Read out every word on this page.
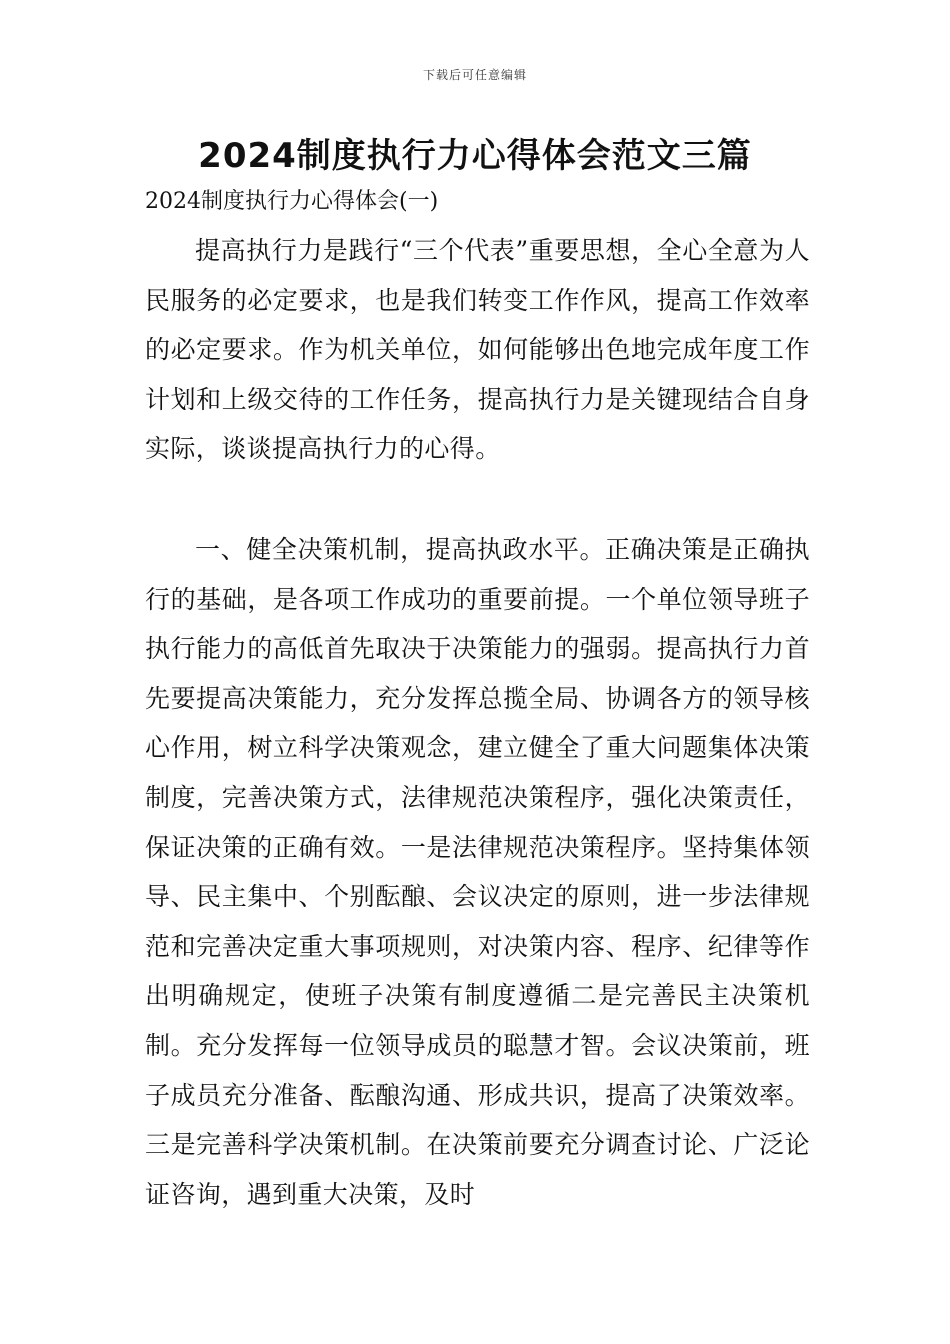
下载后可任意编辑
2024制度执行力心得体会范文三篇

2024制度执行力心得体会(一)

提高执行力是践行“三个代表”重要思想，全心全意为人民服务的必定要求，也是我们转变工作作风，提高工作效率的必定要求。作为机关单位，如何能够出色地完成年度工作计划和上级交待的工作任务，提高执行力是关键现结合自身实际，谈谈提高执行力的心得。

一、健全决策机制，提高执政水平。正确决策是正确执行的基础，是各项工作成功的重要前提。一个单位领导班子执行能力的高低首先取决于决策能力的强弱。提高执行力首先要提高决策能力，充分发挥总揽全局、协调各方的领导核心作用，树立科学决策观念，建立健全了重大问题集体决策制度，完善决策方式，法律规范决策程序，强化决策责任，保证决策的正确有效。一是法律规范决策程序。坚持集体领导、民主集中、个别酝酿、会议决定的原则，进一步法律规范和完善决定重大事项规则，对决策内容、程序、纪律等作出明确规定，使班子决策有制度遵循二是完善民主决策机制。充分发挥每一位领导成员的聪慧才智。会议决策前，班子成员充分准备、酝酿沟通、形成共识，提高了决策效率。三是完善科学决策机制。在决策前要充分调查讨论、广泛论证咨询，遇到重大决策，及时
